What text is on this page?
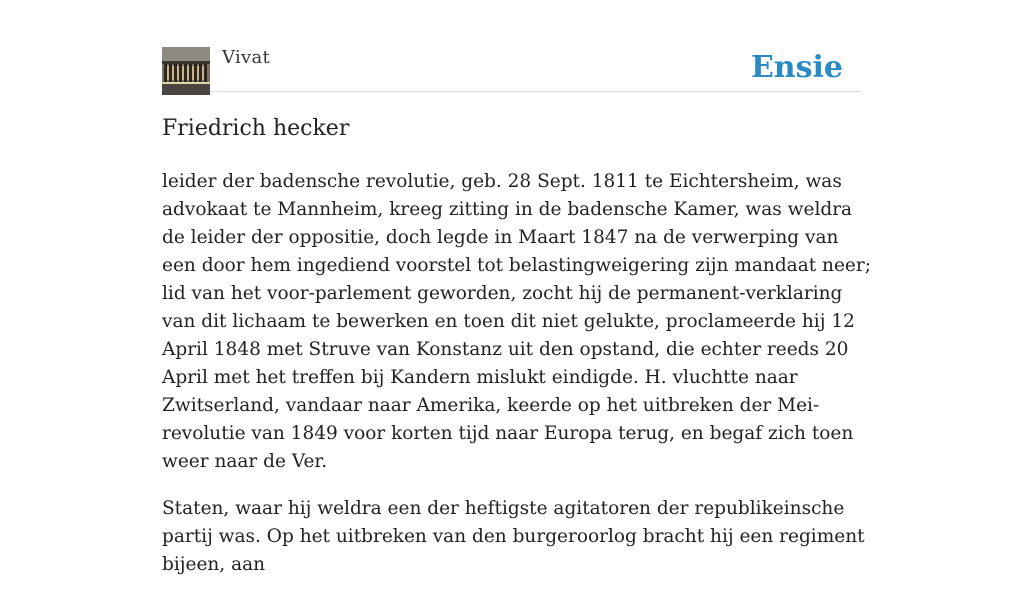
Vivat	Ensie
Friedrich hecker

leider der badensche revolutie, geb. 28 Sept. 1811 te Eichtersheim, was advokaat te Mannheim, kreeg zitting in de badensche Kamer, was weldra de leider der oppositie, doch legde in Maart 1847 na de verwerping van een door hem ingediend voorstel tot belastingweigering zijn mandaat neer; lid van het voor-parlement geworden, zocht hij de permanent-verklaring van dit lichaam te bewerken en toen dit niet gelukte, proclameerde hij 12 April 1848 met Struve van Konstanz uit den opstand, die echter reeds 20 April met het treffen bij Kandern mislukt eindigde. H. vluchtte naar Zwitserland, vandaar naar Amerika, keerde op het uitbreken der Mei-revolutie van 1849 voor korten tijd naar Europa terug, en begaf zich toen weer naar de Ver.

Staten, waar hij weldra een der heftigste agitatoren der republikeinsche partij was. Op het uitbreken van den burgeroorlog bracht hij een regiment bijeen, aan
